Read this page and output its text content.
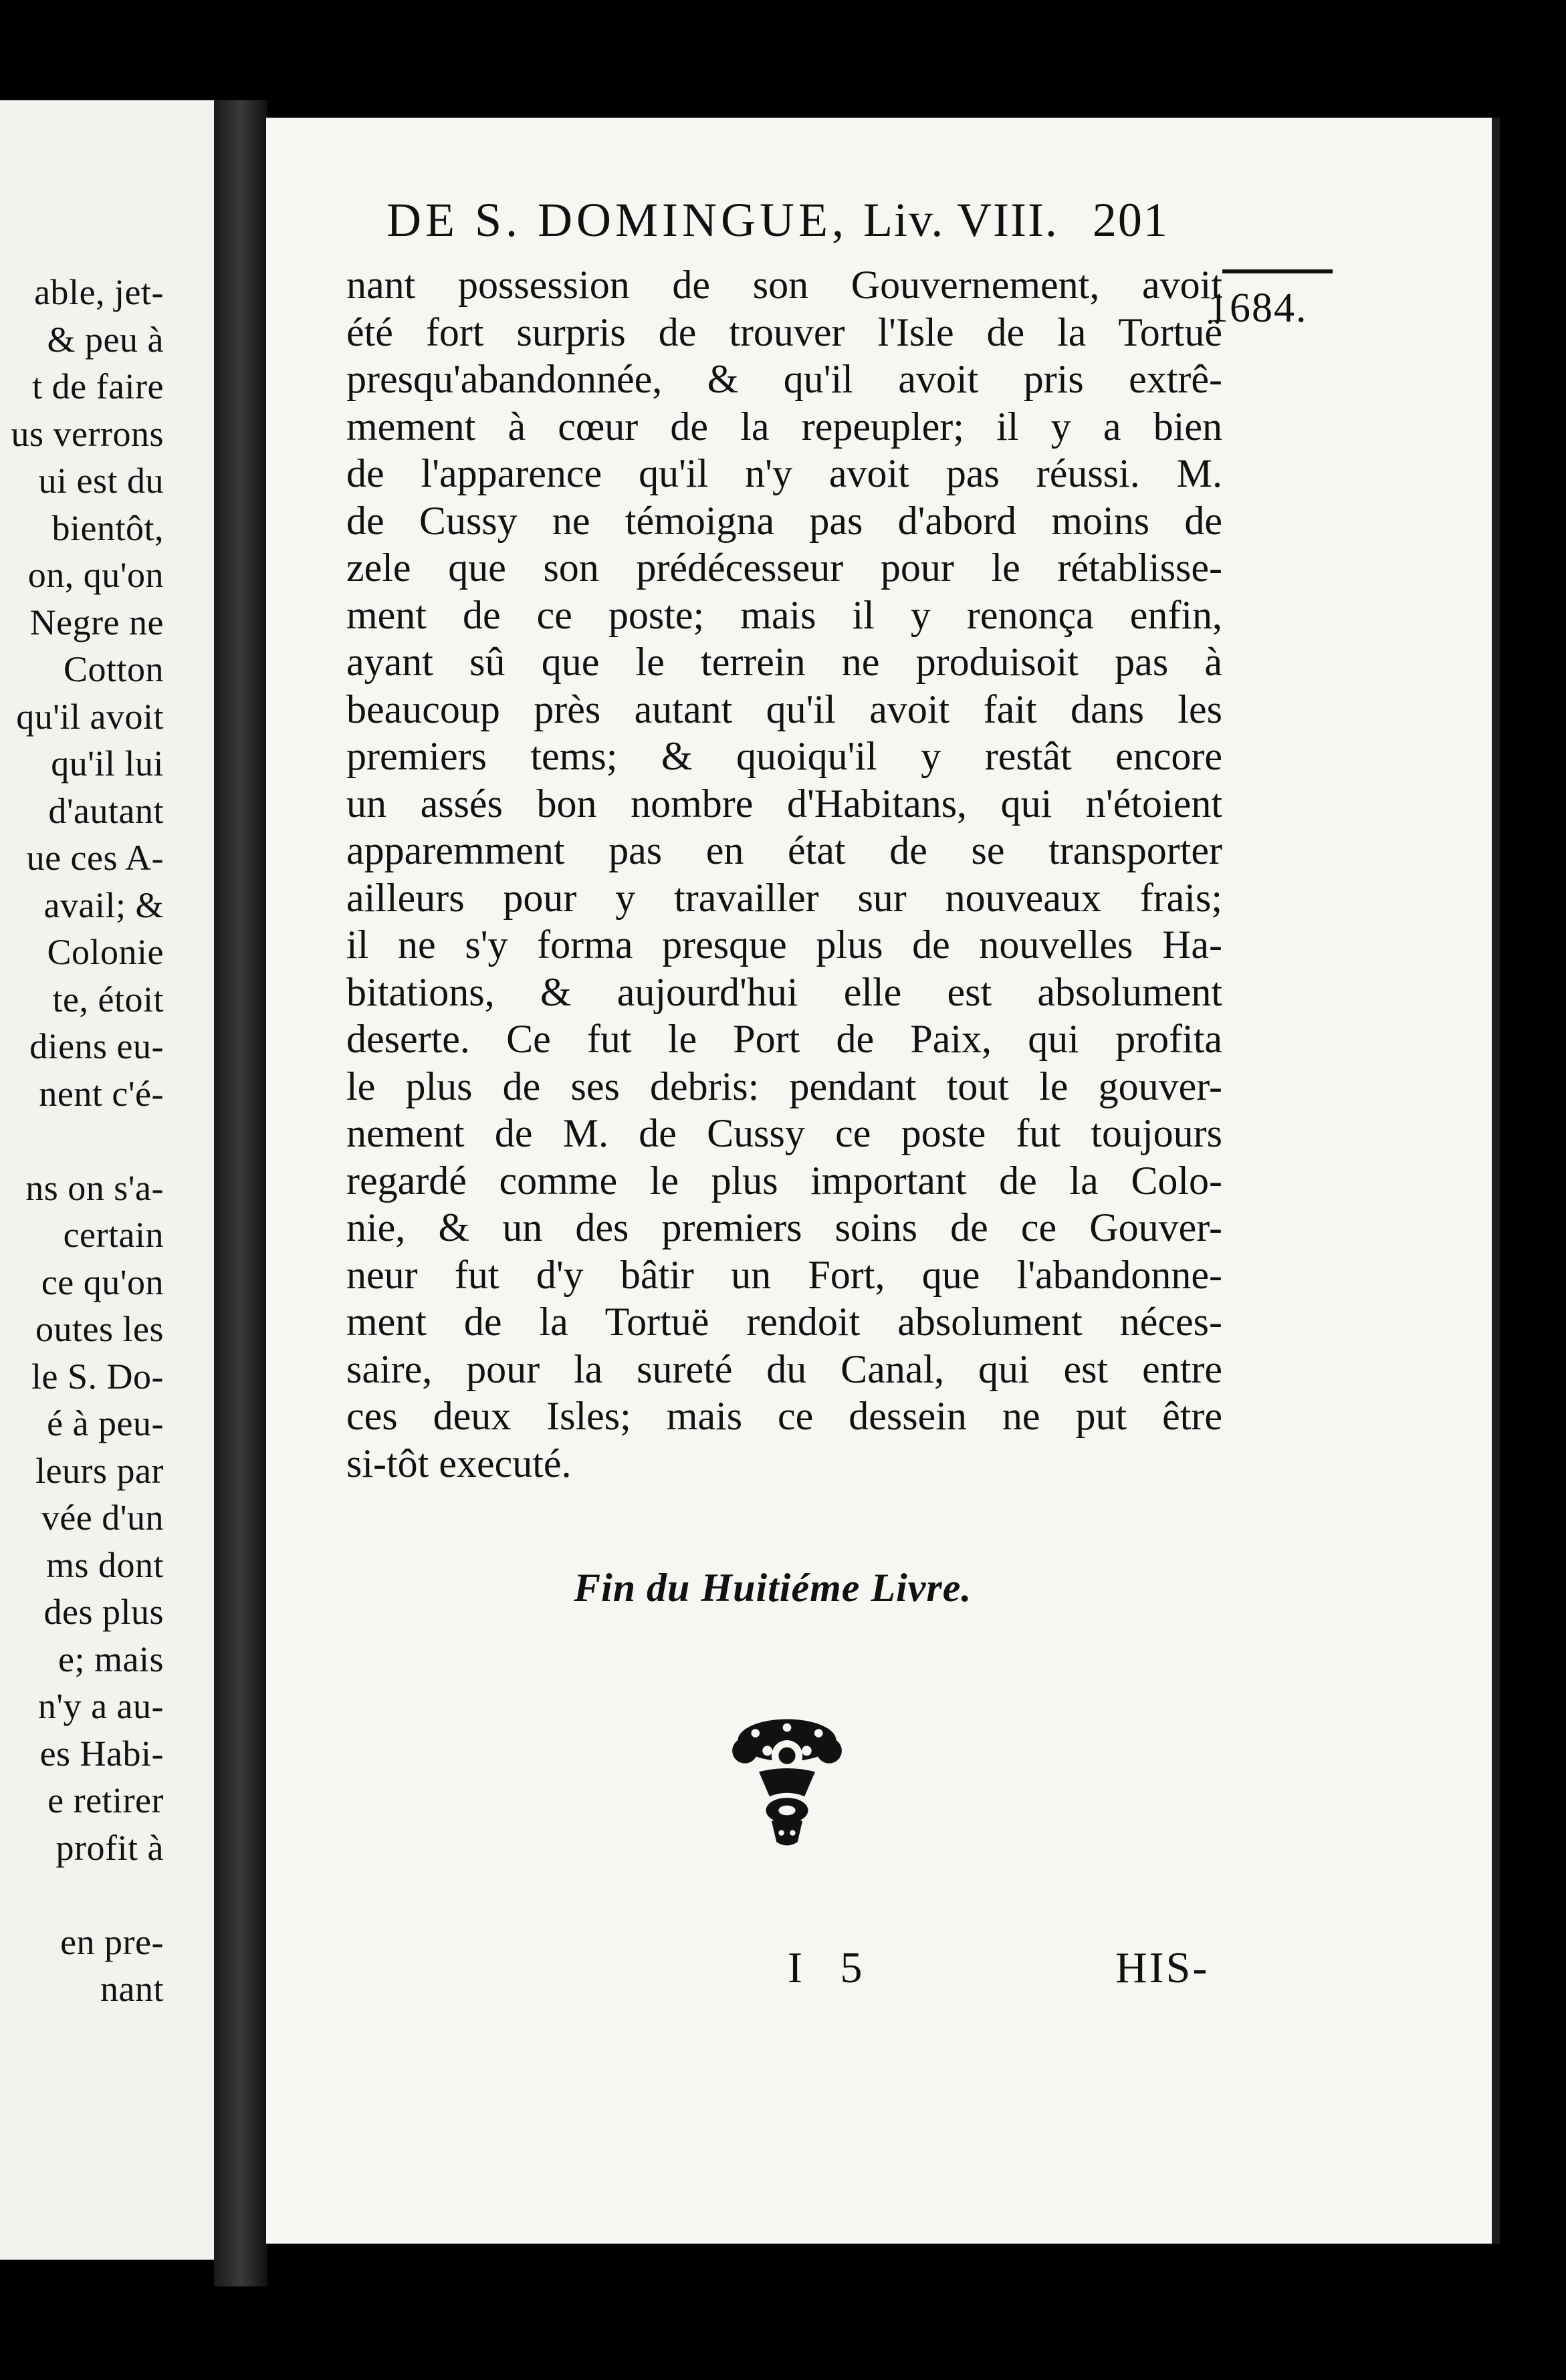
able, jet-
& peu à
t de faire
us verrons
ui est du
bientôt,
on, qu'on
Negre ne
Cotton
qu'il avoit
qu'il lui
d'autant
ue ces A-
avail; &
Colonie
te, étoit
diens eu-
nent c'é-
ns on s'a-
certain
ce qu'on
outes les
le S. Do-
é à peu-
leurs par
vée d'un
ms dont
des plus
e; mais
n'y a au-
es Habi-
e retirer
profit à
en pre-
nant
DE S. DOMINGUE, Liv. VIII. 201
1684.
nant possession de son Gouvernement, avoit
été fort surpris de trouver l'Isle de la Tortuë
presqu'abandonnée, & qu'il avoit pris extrê-
mement à cœur de la repeupler; il y a bien
de l'apparence qu'il n'y avoit pas réussi. M.
de Cussy ne témoigna pas d'abord moins de
zele que son prédécesseur pour le rétablisse-
ment de ce poste; mais il y renonça enfin,
ayant sû que le terrein ne produisoit pas à
beaucoup près autant qu'il avoit fait dans les
premiers tems; & quoiqu'il y restât encore
un assés bon nombre d'Habitans, qui n'étoient
apparemment pas en état de se transporter
ailleurs pour y travailler sur nouveaux frais;
il ne s'y forma presque plus de nouvelles Ha-
bitations, & aujourd'hui elle est absolument
deserte. Ce fut le Port de Paix, qui profita
le plus de ses debris: pendant tout le gouver-
nement de M. de Cussy ce poste fut toujours
regardé comme le plus important de la Colo-
nie, & un des premiers soins de ce Gouver-
neur fut d'y bâtir un Fort, que l'abandonne-
ment de la Tortuë rendoit absolument néces-
saire, pour la sureté du Canal, qui est entre
ces deux Isles; mais ce dessein ne put être
si-tôt executé.
Fin du Huitiéme Livre.
I 5	HIS-
